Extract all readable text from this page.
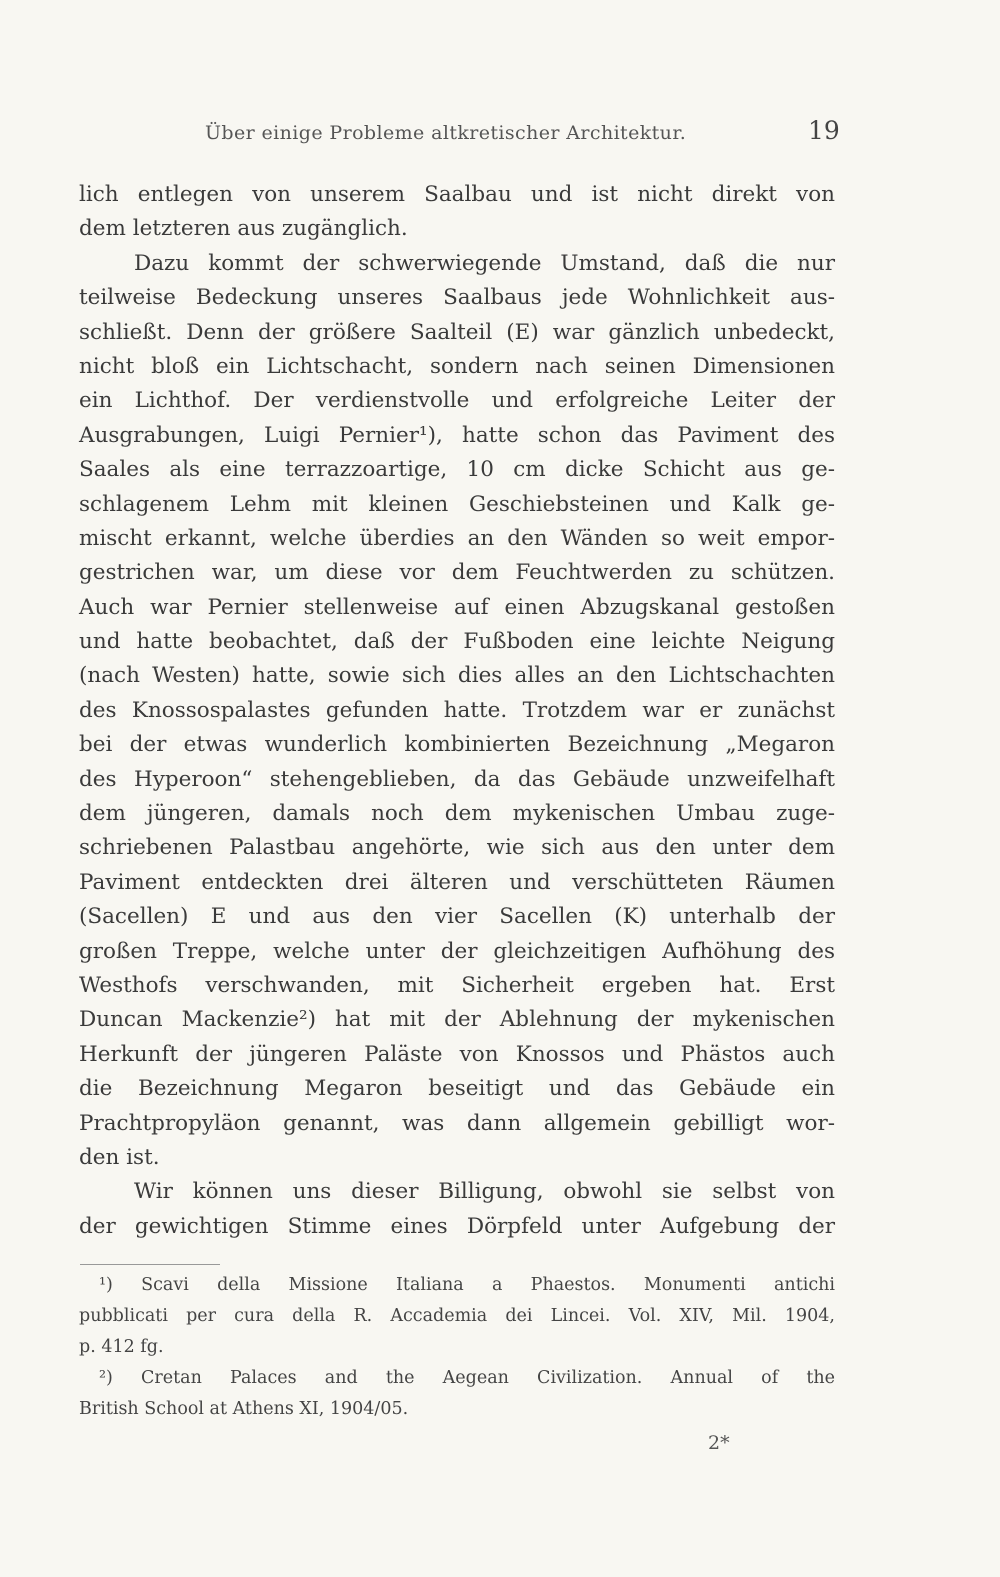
Über einige Probleme altkretischer Architektur.	19
lich entlegen von unserem Saalbau und ist nicht direkt von
dem letzteren aus zugänglich.
Dazu kommt der schwerwiegende Umstand, daß die nur
teilweise Bedeckung unseres Saalbaus jede Wohnlichkeit aus-
schließt. Denn der größere Saalteil (E) war gänzlich unbedeckt,
nicht bloß ein Lichtschacht, sondern nach seinen Dimensionen
ein Lichthof. Der verdienstvolle und erfolgreiche Leiter der
Ausgrabungen, Luigi Pernier¹), hatte schon das Paviment des
Saales als eine terrazzoartige, 10 cm dicke Schicht aus ge-
schlagenem Lehm mit kleinen Geschiebsteinen und Kalk ge-
mischt erkannt, welche überdies an den Wänden so weit empor-
gestrichen war, um diese vor dem Feuchtwerden zu schützen.
Auch war Pernier stellenweise auf einen Abzugskanal gestoßen
und hatte beobachtet, daß der Fußboden eine leichte Neigung
(nach Westen) hatte, sowie sich dies alles an den Lichtschachten
des Knossospalastes gefunden hatte. Trotzdem war er zunächst
bei der etwas wunderlich kombinierten Bezeichnung „Megaron
des Hyperoon“ stehengeblieben, da das Gebäude unzweifelhaft
dem jüngeren, damals noch dem mykenischen Umbau zuge-
schriebenen Palastbau angehörte, wie sich aus den unter dem
Paviment entdeckten drei älteren und verschütteten Räumen
(Sacellen) E und aus den vier Sacellen (K) unterhalb der
großen Treppe, welche unter der gleichzeitigen Aufhöhung des
Westhofs verschwanden, mit Sicherheit ergeben hat. Erst
Duncan Mackenzie²) hat mit der Ablehnung der mykenischen
Herkunft der jüngeren Paläste von Knossos und Phästos auch
die Bezeichnung Megaron beseitigt und das Gebäude ein
Prachtpropyläon genannt, was dann allgemein gebilligt wor-
den ist.
Wir können uns dieser Billigung, obwohl sie selbst von
der gewichtigen Stimme eines Dörpfeld unter Aufgebung der
¹) Scavi della Missione Italiana a Phaestos. Monumenti antichi
pubblicati per cura della R. Accademia dei Lincei. Vol. XIV, Mil. 1904,
p. 412 fg.
²) Cretan Palaces and the Aegean Civilization. Annual of the
British School at Athens XI, 1904/05.
2*
